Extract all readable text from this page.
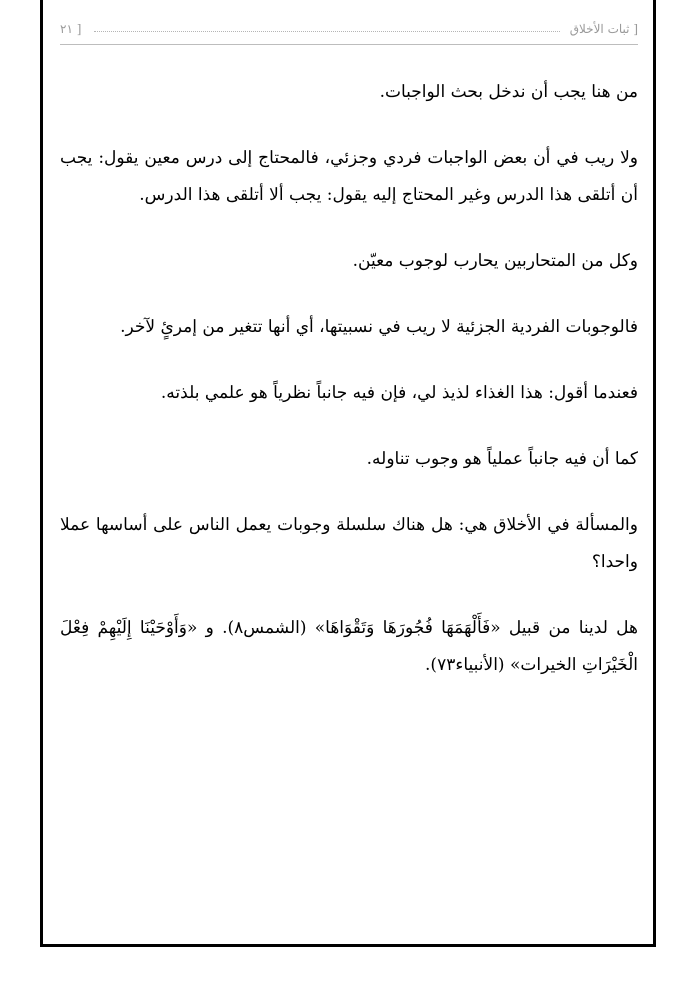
[ ثبات الأخلاق
[ ٢١

من هنا يجب أن ندخل بحث الواجبات.

ولا ريب في أن بعض الواجبات فردي وجزئي، فالمحتاج إلى درس معين يقول: يجب أن أتلقى هذا الدرس وغير المحتاج إليه يقول: يجب ألا أتلقى هذا الدرس.

وكل من المتحاربين يحارب لوجوب معيّن.

فالوجوبات الفردية الجزئية لا ريب في نسبيتها، أي أنها تتغير من إمرئٍ لآخر.

فعندما أقول: هذا الغذاء لذيذ لي، فإن فيه جانباً نظرياً هو علمي بلذته.

كما أن فيه جانباً عملياً هو وجوب تناوله.

والمسألة في الأخلاق هي: هل هناك سلسلة وجوبات يعمل الناس على أساسها عملا واحدا؟

هل لدينا من قبيل «فَأَلْهَمَهَا فُجُورَهَا وَتَقْوَاهَا» (الشمس٨). و «وَأَوْحَيْنَا إِلَيْهِمْ فِعْلَ الْخَيْرَاتِ الخيرات» (الأنبياء٧٣).
